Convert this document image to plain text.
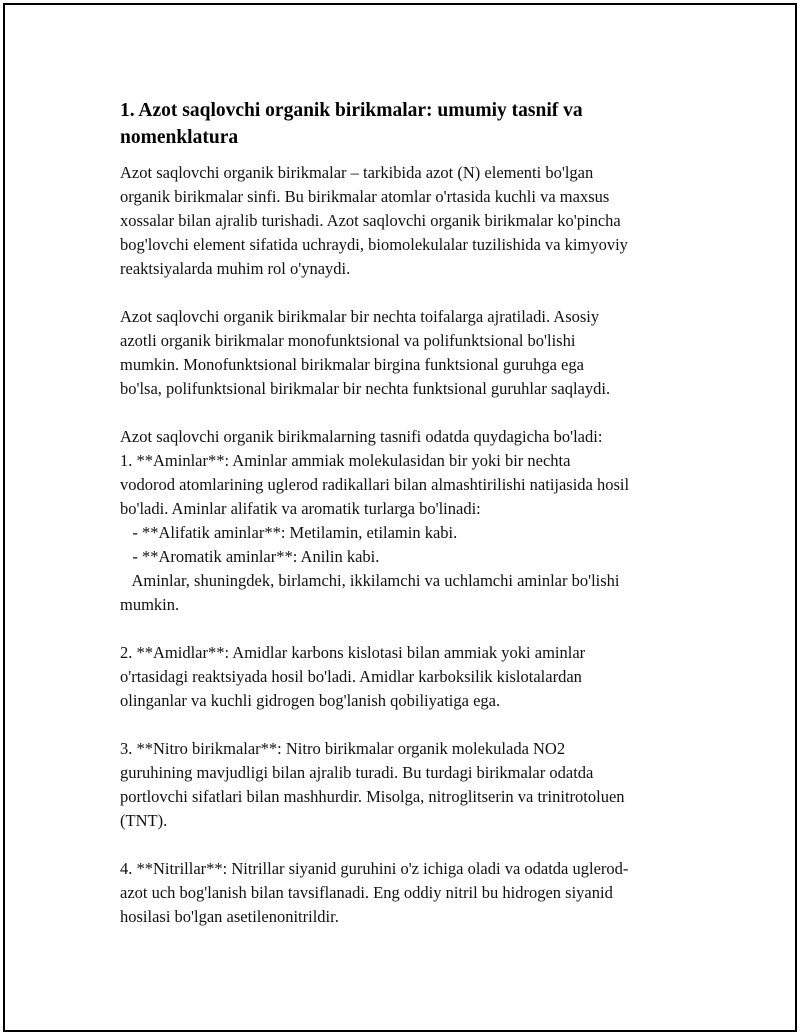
1. Azot saqlovchi organik birikmalar: umumiy tasnif va
nomenklatura

Azot saqlovchi organik birikmalar – tarkibida azot (N) elementi bo'lgan
organik birikmalar sinfi. Bu birikmalar atomlar o'rtasida kuchli va maxsus
xossalar bilan ajralib turishadi. Azot saqlovchi organik birikmalar ko'pincha
bog'lovchi element sifatida uchraydi, biomolekulalar tuzilishida va kimyoviy
reaktsiyalarda muhim rol o'ynaydi.

Azot saqlovchi organik birikmalar bir nechta toifalarga ajratiladi. Asosiy
azotli organik birikmalar monofunktsional va polifunktsional bo'lishi
mumkin. Monofunktsional birikmalar birgina funktsional guruhga ega
bo'lsa, polifunktsional birikmalar bir nechta funktsional guruhlar saqlaydi.

Azot saqlovchi organik birikmalarning tasnifi odatda quydagicha bo'ladi:
1. **Aminlar**: Aminlar ammiak molekulasidan bir yoki bir nechta
vodorod atomlarining uglerod radikallari bilan almashtirilishi natijasida hosil
bo'ladi. Aminlar alifatik va aromatik turlarga bo'linadi:
- **Alifatik aminlar**: Metilamin, etilamin kabi.
- **Aromatik aminlar**: Anilin kabi.
Aminlar, shuningdek, birlamchi, ikkilamchi va uchlamchi aminlar bo'lishi
mumkin.

2. **Amidlar**: Amidlar karbons kislotasi bilan ammiak yoki aminlar
o'rtasidagi reaktsiyada hosil bo'ladi. Amidlar karboksilik kislotalardan
olinganlar va kuchli gidrogen bog'lanish qobiliyatiga ega.

3. **Nitro birikmalar**: Nitro birikmalar organik molekulada NO2
guruhining mavjudligi bilan ajralib turadi. Bu turdagi birikmalar odatda
portlovchi sifatlari bilan mashhurdir. Misolga, nitroglitserin va trinitrotoluen
(TNT).

4. **Nitrillar**: Nitrillar siyanid guruhini o'z ichiga oladi va odatda uglerod-
azot uch bog'lanish bilan tavsiflanadi. Eng oddiy nitril bu hidrogen siyanid
hosilasi bo'lgan asetilenonitrildir.
